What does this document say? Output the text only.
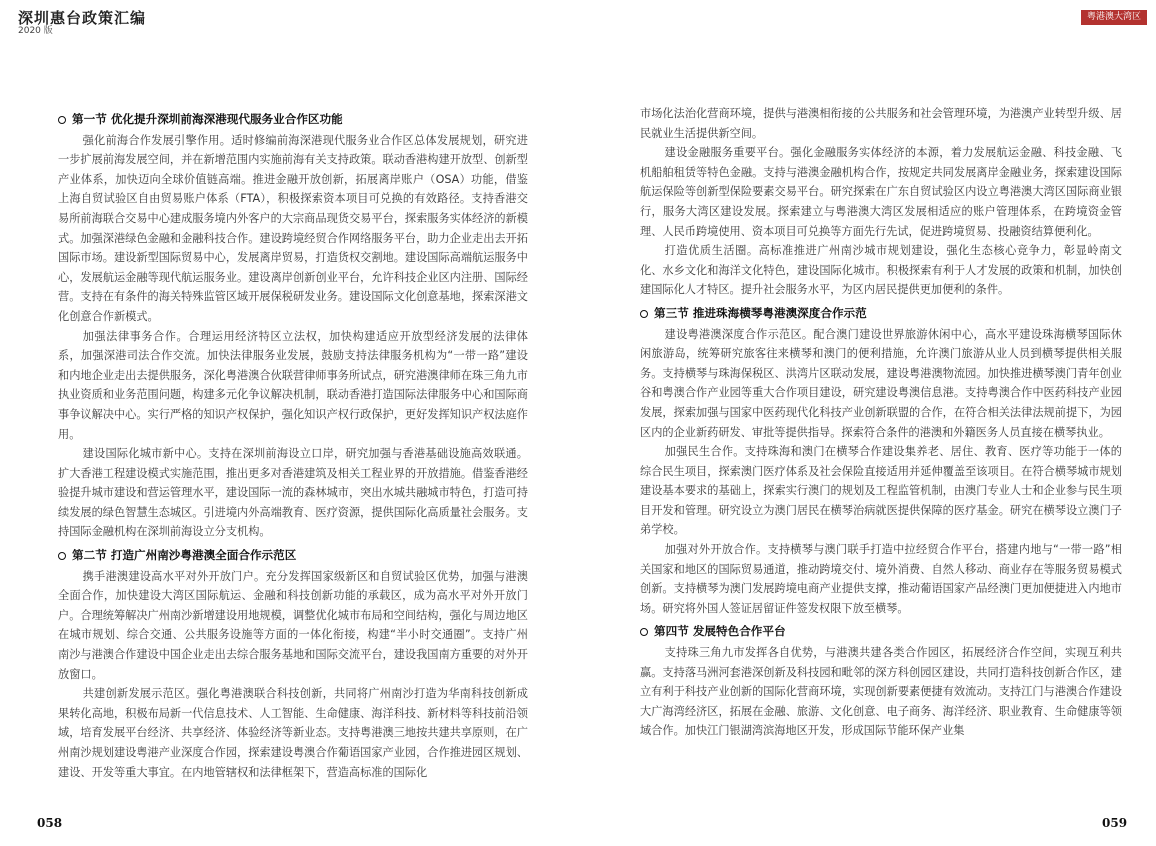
深圳惠台政策汇编
2020 版
粤港澳大湾区
第一节 优化提升深圳前海深港现代服务业合作区功能

强化前海合作发展引擎作用。适时修编前海深港现代服务业合作区总体发展规划，研究进一步扩展前海发展空间，并在新增范围内实施前海有关支持政策。联动香港构建开放型、创新型产业体系，加快迈向全球价值链高端。推进金融开放创新，拓展离岸账户（OSA）功能，借鉴上海自贸试验区自由贸易账户体系（FTA），积极探索资本项目可兑换的有效路径。支持香港交易所前海联合交易中心建成服务境内外客户的大宗商品现货交易平台，探索服务实体经济的新模式。加强深港绿色金融和金融科技合作。建设跨境经贸合作网络服务平台，助力企业走出去开拓国际市场。建设新型国际贸易中心，发展离岸贸易，打造货权交割地。建设国际高端航运服务中心，发展航运金融等现代航运服务业。建设离岸创新创业平台，允许科技企业区内注册、国际经营。支持在有条件的海关特殊监管区域开展保税研发业务。建设国际文化创意基地，探索深港文化创意合作新模式。

加强法律事务合作。合理运用经济特区立法权，加快构建适应开放型经济发展的法律体系，加强深港司法合作交流。加快法律服务业发展，鼓励支持法律服务机构为“一带一路”建设和内地企业走出去提供服务，深化粤港澳合伙联营律师事务所试点，研究港澳律师在珠三角九市执业资质和业务范围问题，构建多元化争议解决机制，联动香港打造国际法律服务中心和国际商事争议解决中心。实行严格的知识产权保护，强化知识产权行政保护，更好发挥知识产权法庭作用。

建设国际化城市新中心。支持在深圳前海设立口岸，研究加强与香港基础设施高效联通。扩大香港工程建设模式实施范围，推出更多对香港建筑及相关工程业界的开放措施。借鉴香港经验提升城市建设和营运管理水平，建设国际一流的森林城市，突出水城共融城市特色，打造可持续发展的绿色智慧生态城区。引进境内外高端教育、医疗资源，提供国际化高质量社会服务。支持国际金融机构在深圳前海设立分支机构。

第二节 打造广州南沙粤港澳全面合作示范区

携手港澳建设高水平对外开放门户。充分发挥国家级新区和自贸试验区优势，加强与港澳全面合作，加快建设大湾区国际航运、金融和科技创新功能的承载区，成为高水平对外开放门户。合理统筹解决广州南沙新增建设用地规模，调整优化城市布局和空间结构，强化与周边地区在城市规划、综合交通、公共服务设施等方面的一体化衔接，构建“半小时交通圈”。支持广州南沙与港澳合作建设中国企业走出去综合服务基地和国际交流平台，建设我国南方重要的对外开放窗口。

共建创新发展示范区。强化粤港澳联合科技创新，共同将广州南沙打造为华南科技创新成果转化高地，积极布局新一代信息技术、人工智能、生命健康、海洋科技、新材料等科技前沿领域，培育发展平台经济、共享经济、体验经济等新业态。支持粤港澳三地按共建共享原则，在广州南沙规划建设粤港产业深度合作园，探索建设粤澳合作葡语国家产业园，合作推进园区规划、建设、开发等重大事宜。在内地管辖权和法律框架下，营造高标准的国际化

市场化法治化营商环境，提供与港澳相衔接的公共服务和社会管理环境，为港澳产业转型升级、居民就业生活提供新空间。

建设金融服务重要平台。强化金融服务实体经济的本源，着力发展航运金融、科技金融、飞机船舶租赁等特色金融。支持与港澳金融机构合作，按规定共同发展离岸金融业务，探索建设国际航运保险等创新型保险要素交易平台。研究探索在广东自贸试验区内设立粤港澳大湾区国际商业银行，服务大湾区建设发展。探索建立与粤港澳大湾区发展相适应的账户管理体系，在跨境资金管理、人民币跨境使用、资本项目可兑换等方面先行先试，促进跨境贸易、投融资结算便利化。

打造优质生活圈。高标准推进广州南沙城市规划建设，强化生态核心竞争力，彰显岭南文化、水乡文化和海洋文化特色，建设国际化城市。积极探索有利于人才发展的政策和机制，加快创建国际化人才特区。提升社会服务水平，为区内居民提供更加便利的条件。

第三节 推进珠海横琴粤港澳深度合作示范

建设粤港澳深度合作示范区。配合澳门建设世界旅游休闲中心，高水平建设珠海横琴国际休闲旅游岛，统筹研究旅客往来横琴和澳门的便利措施，允许澳门旅游从业人员到横琴提供相关服务。支持横琴与珠海保税区、洪湾片区联动发展，建设粤港澳物流园。加快推进横琴澳门青年创业谷和粤澳合作产业园等重大合作项目建设，研究建设粤澳信息港。支持粤澳合作中医药科技产业园发展，探索加强与国家中医药现代化科技产业创新联盟的合作，在符合相关法律法规前提下，为园区内的企业新药研发、审批等提供指导。探索符合条件的港澳和外籍医务人员直接在横琴执业。

加强民生合作。支持珠海和澳门在横琴合作建设集养老、居住、教育、医疗等功能于一体的综合民生项目，探索澳门医疗体系及社会保险直接适用并延伸覆盖至该项目。在符合横琴城市规划建设基本要求的基础上，探索实行澳门的规划及工程监管机制，由澳门专业人士和企业参与民生项目开发和管理。研究设立为澳门居民在横琴治病就医提供保障的医疗基金。研究在横琴设立澳门子弟学校。

加强对外开放合作。支持横琴与澳门联手打造中拉经贸合作平台，搭建内地与“一带一路”相关国家和地区的国际贸易通道，推动跨境交付、境外消费、自然人移动、商业存在等服务贸易模式创新。支持横琴为澳门发展跨境电商产业提供支撑，推动葡语国家产品经澳门更加便捷进入内地市场。研究将外国人签证居留证件签发权限下放至横琴。

第四节 发展特色合作平台

支持珠三角九市发挥各自优势，与港澳共建各类合作园区，拓展经济合作空间，实现互利共赢。支持落马洲河套港深创新及科技园和毗邻的深方科创园区建设，共同打造科技创新合作区，建立有利于科技产业创新的国际化营商环境，实现创新要素便捷有效流动。支持江门与港澳合作建设大广海湾经济区，拓展在金融、旅游、文化创意、电子商务、海洋经济、职业教育、生命健康等领域合作。加快江门银湖湾滨海地区开发，形成国际节能环保产业集

058	059
